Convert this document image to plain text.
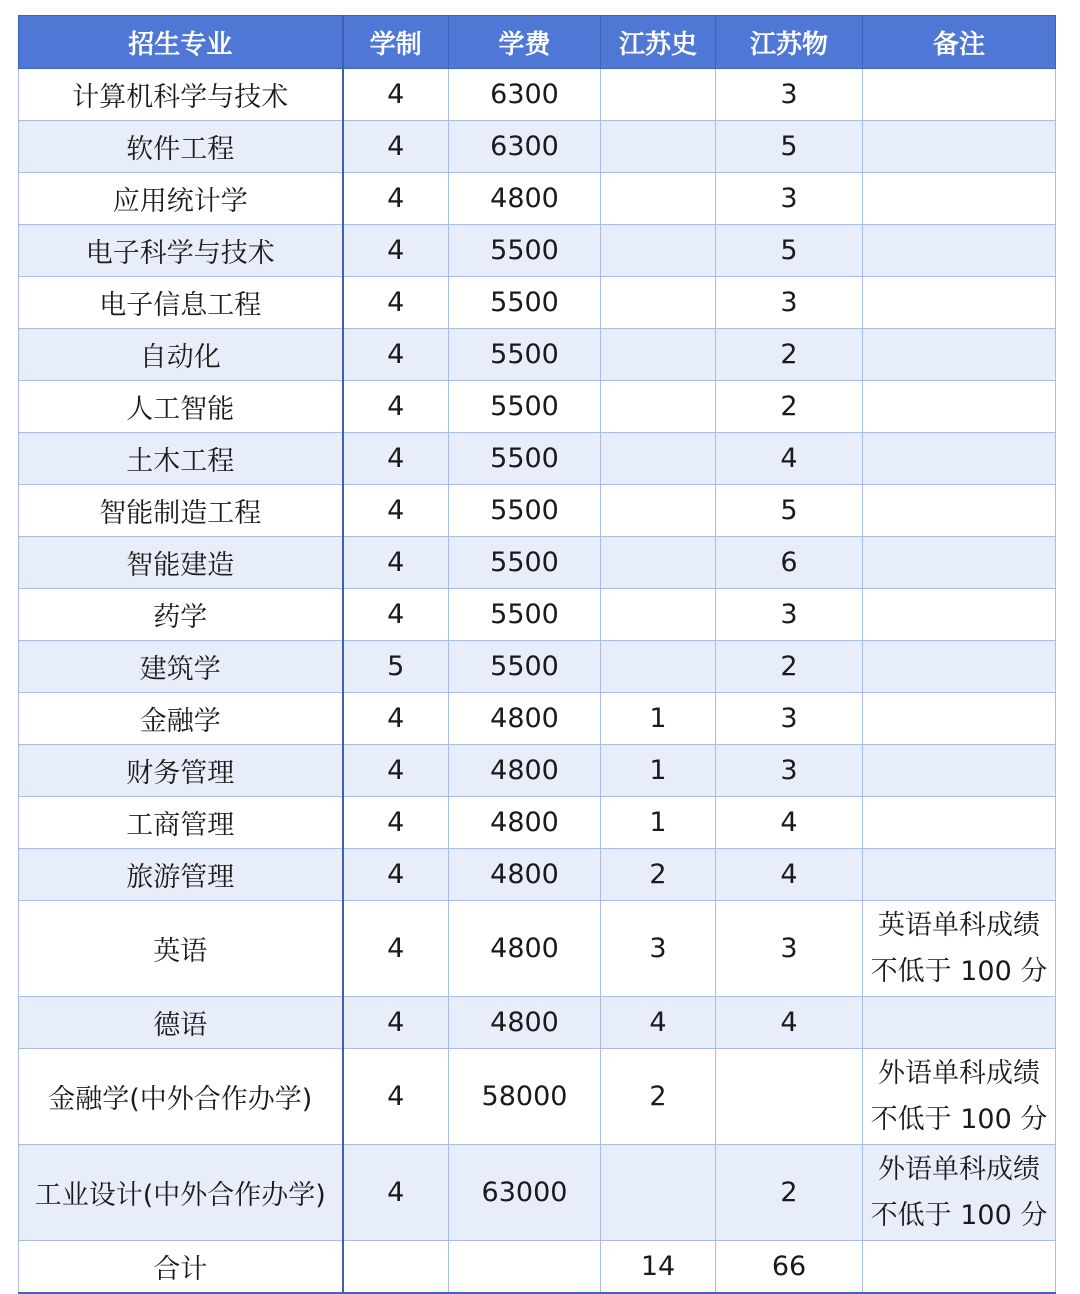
招生专业	学制	学费	江苏史	江苏物	备注
计算机科学与技术	4	6300		3	
软件工程	4	6300		5	
应用统计学	4	4800		3	
电子科学与技术	4	5500		5	
电子信息工程	4	5500		3	
自动化	4	5500		2	
人工智能	4	5500		2	
土木工程	4	5500		4	
智能制造工程	4	5500		5	
智能建造	4	5500		6	
药学	4	5500		3	
建筑学	5	5500		2	
金融学	4	4800	1	3	
财务管理	4	4800	1	3	
工商管理	4	4800	1	4	
旅游管理	4	4800	2	4	
英语	4	4800	3	3	英语单科成绩
不低于 100 分

德语	4	4800	4	4	
金融学(中外合作办学)	4	58000	2		外语单科成绩
不低于 100 分

工业设计(中外合作办学)	4	63000		2	外语单科成绩
不低于 100 分

合计			14	66	
